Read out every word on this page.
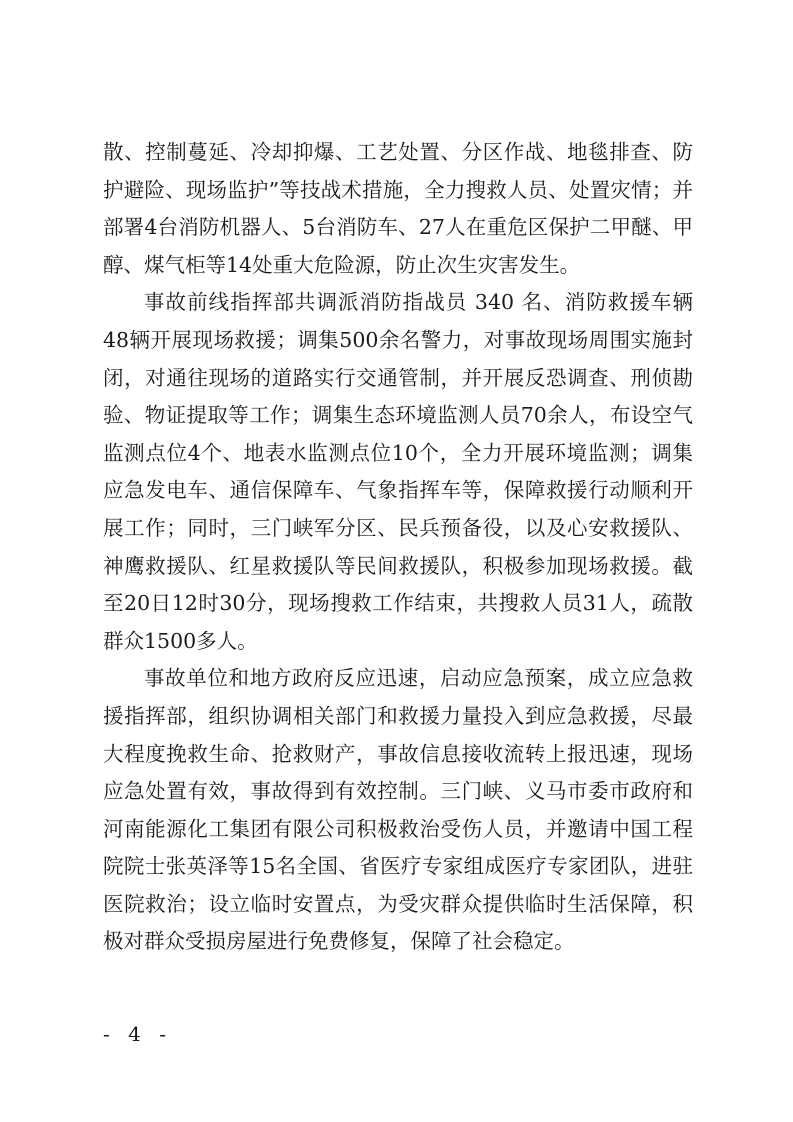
散、控制蔓延、冷却抑爆、工艺处置、分区作战、地毯排查、防护避险、现场监护”等技战术措施，全力搜救人员、处置灾情；并部署4台消防机器人、5台消防车、27人在重危区保护二甲醚、甲醇、煤气柜等14处重大危险源，防止次生灾害发生。

事故前线指挥部共调派消防指战员 340 名、消防救援车辆48辆开展现场救援；调集500余名警力，对事故现场周围实施封闭，对通往现场的道路实行交通管制，并开展反恐调查、刑侦勘验、物证提取等工作；调集生态环境监测人员70余人，布设空气监测点位4个、地表水监测点位10个，全力开展环境监测；调集应急发电车、通信保障车、气象指挥车等，保障救援行动顺利开展工作；同时，三门峡军分区、民兵预备役，以及心安救援队、神鹰救援队、红星救援队等民间救援队，积极参加现场救援。截至20日12时30分，现场搜救工作结束，共搜救人员31人，疏散群众1500多人。

事故单位和地方政府反应迅速，启动应急预案，成立应急救援指挥部，组织协调相关部门和救援力量投入到应急救援，尽最大程度挽救生命、抢救财产，事故信息接收流转上报迅速，现场应急处置有效，事故得到有效控制。三门峡、义马市委市政府和河南能源化工集团有限公司积极救治受伤人员，并邀请中国工程院院士张英泽等15名全国、省医疗专家组成医疗专家团队，进驻医院救治；设立临时安置点，为受灾群众提供临时生活保障，积极对群众受损房屋进行免费修复，保障了社会稳定。

- 4 -
